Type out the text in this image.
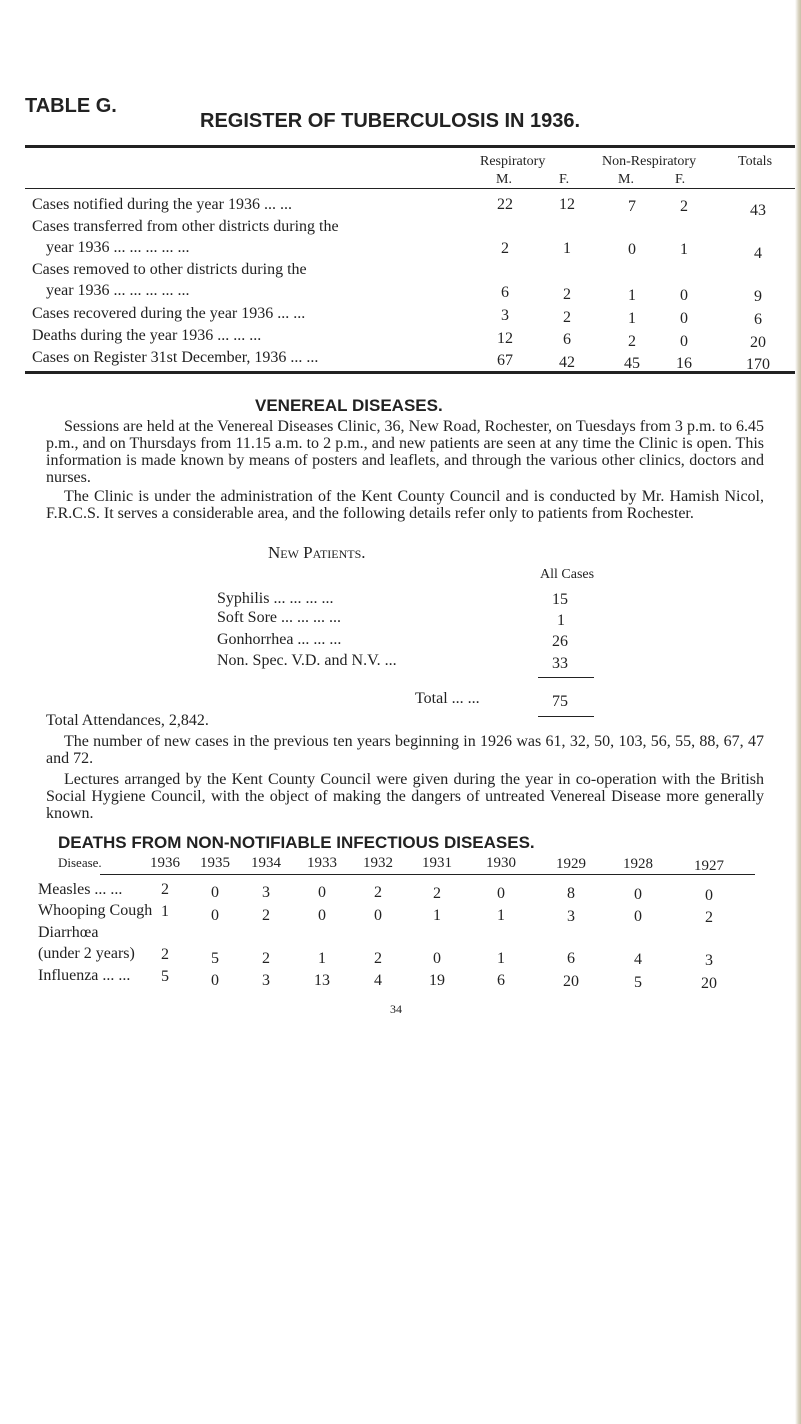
TABLE G.
REGISTER OF TUBERCULOSIS IN 1936.
Respiratory	Non-Respiratory	Totals
M.	F.	M.	F.
Cases notified during the year 1936 ... ...	22	12	7	2	43
Cases transferred from other districts during the
year 1936 ... ... ... ... ...	2	1	0	1	4
Cases removed to other districts during the
year 1936 ... ... ... ... ...	6	2	1	0	9
Cases recovered during the year 1936 ... ...	3	2	1	0	6
Deaths during the year 1936 ... ... ...	12	6	2	0	20
Cases on Register 31st December, 1936 ... ...	67	42	45	16	170
VENEREAL DISEASES.
Sessions are held at the Venereal Diseases Clinic, 36, New Road, Rochester, on Tuesdays from 3 p.m. to 6.45 p.m., and on Thursdays from 11.15 a.m. to 2 p.m., and new patients are seen at any time the Clinic is open. This information is made known by means of posters and leaflets, and through the various other clinics, doctors and nurses.
The Clinic is under the administration of the Kent County Council and is conducted by Mr. Hamish Nicol, F.R.C.S. It serves a considerable area, and the following details refer only to patients from Rochester.
New Patients.
All Cases
Syphilis ... ... ... ...	15
Soft Sore ... ... ... ...	1
Gonhorrhea ... ... ...	26
Non. Spec. V.D. and N.V. ...	33
Total ... ...	75
Total Attendances, 2,842.
The number of new cases in the previous ten years beginning in 1926 was 61, 32, 50, 103, 56, 55, 88, 67, 47 and 72.
Lectures arranged by the Kent County Council were given during the year in co-operation with the British Social Hygiene Council, with the object of making the dangers of untreated Venereal Disease more generally known.
DEATHS FROM NON-NOTIFIABLE INFECTIOUS DISEASES.
Disease.	1936	1935	1934	1933	1932	1931	1930	1929	1928	1927
Measles ... ...	2	0	3	0	2	2	0	8	0	0
Whooping Cough 1	0	2	0	0	1	1	3	0	2
Diarrhœa
(under 2 years)	2	5	2	1	2	0	1	6	4	3
Influenza ... ...	5	0	3	13	4	19	6	20	5	20
34
